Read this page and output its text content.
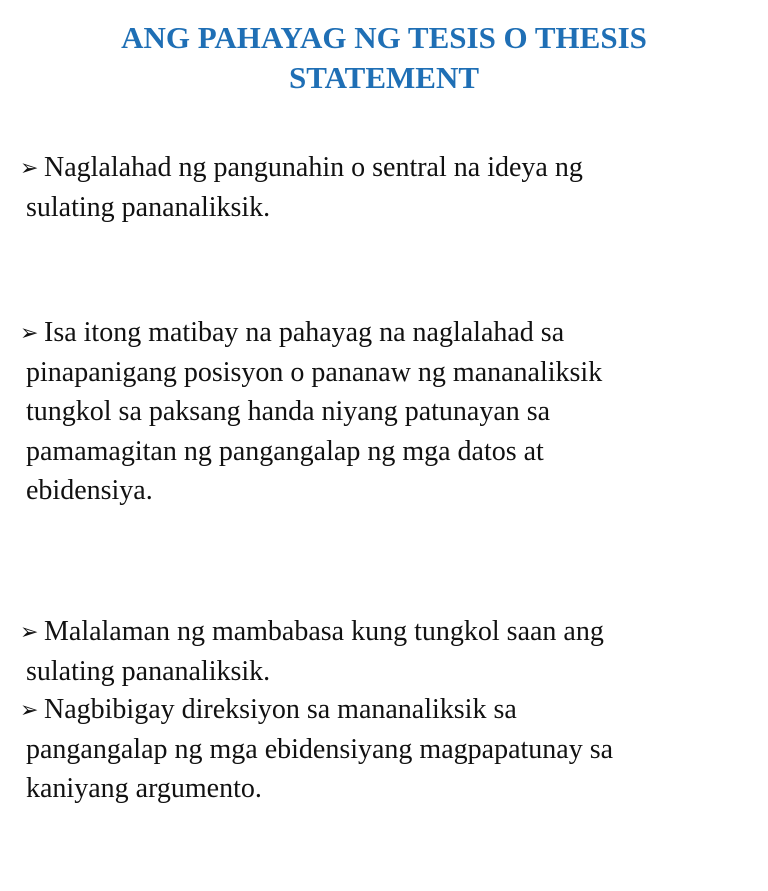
ANG PAHAYAG NG TESIS O THESIS
STATEMENT

➢ Naglalahad ng pangunahin o sentral na ideya ng
sulating pananaliksik.

➢ Isa itong matibay na pahayag na naglalahad sa
pinapanigang posisyon o pananaw ng mananaliksik
tungkol sa paksang handa niyang patunayan sa
pamamagitan ng pangangalap ng mga datos at
ebidensiya.

➢ Malalaman ng mambabasa kung tungkol saan ang
sulating pananaliksik.

➢ Nagbibigay direksiyon sa mananaliksik sa
pangangalap ng mga ebidensiyang magpapatunay sa
kaniyang argumento.
